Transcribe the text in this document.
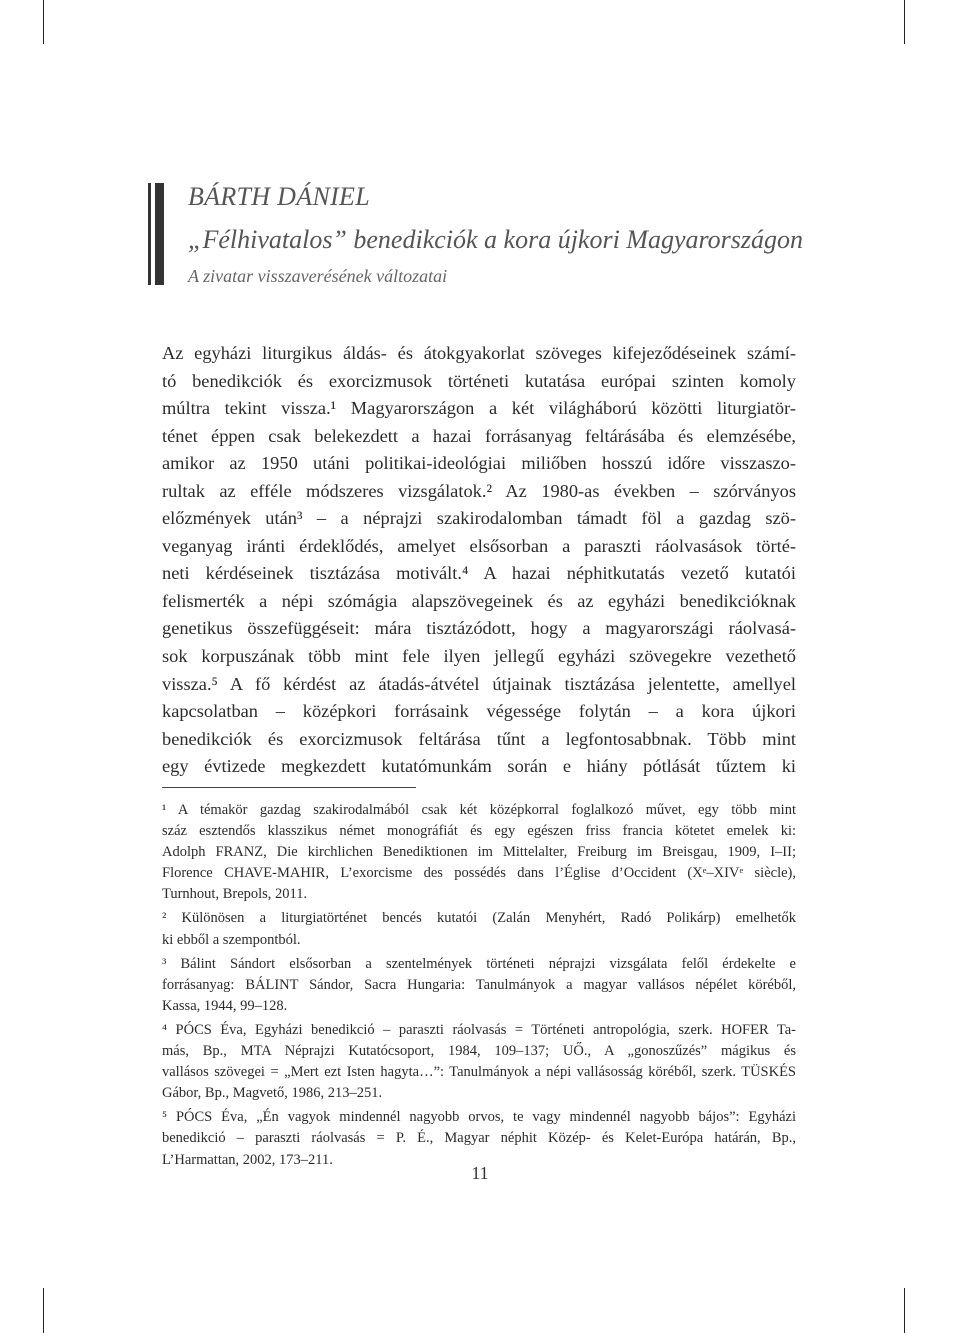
BÁRTH DÁNIEL
„Félhivatalos” benedikciók a kora újkori Magyarországon
A zivatar visszaverésének változatai
Az egyházi liturgikus áldás- és átokgyakorlat szöveges kifejeződéseinek számí-
tó benedikciók és exorcizmusok történeti kutatása európai szinten komoly
múltra tekint vissza.¹ Magyarországon a két világháború közötti liturgiatör-
ténet éppen csak belekezdett a hazai forrásanyag feltárásába és elemzésébe,
amikor az 1950 utáni politikai-ideológiai miliőben hosszú időre visszaszo-
rultak az efféle módszeres vizsgálatok.² Az 1980-as években – szórványos
előzmények után³ – a néprajzi szakirodalomban támadt föl a gazdag szö-
veganyag iránti érdeklődés, amelyet elsősorban a paraszti ráolvasások törté-
neti kérdéseinek tisztázása motivált.⁴ A hazai néphitkutatás vezető kutatói
felismerték a népi szómágia alapszövegeinek és az egyházi benedikcióknak
genetikus összefüggéseit: mára tisztázódott, hogy a magyarországi ráolvasá-
sok korpuszának több mint fele ilyen jellegű egyházi szövegekre vezethető
vissza.⁵ A fő kérdést az átadás-átvétel útjainak tisztázása jelentette, amellyel
kapcsolatban – középkori forrásaink végessége folytán – a kora újkori
benedikciók és exorcizmusok feltárása tűnt a legfontosabbnak. Több mint
egy évtizede megkezdett kutatómunkám során e hiány pótlását tűztem ki
¹ A témakör gazdag szakirodalmából csak két középkorral foglalkozó művet, egy több mint
száz esztendős klasszikus német monográfiát és egy egészen friss francia kötetet emelek ki:
Adolph FRANZ, Die kirchlichen Benediktionen im Mittelalter, Freiburg im Breisgau, 1909, I–II;
Florence CHAVE-MAHIR, L’exorcisme des possédés dans l’Église d’Occident (Xᵉ–XIVᵉ siècle),
Turnhout, Brepols, 2011.
² Különösen a liturgiatörténet bencés kutatói (Zalán Menyhért, Radó Polikárp) emelhetők
ki ebből a szempontból.
³ Bálint Sándort elsősorban a szentelmények történeti néprajzi vizsgálata felől érdekelte e
forrásanyag: BÁLINT Sándor, Sacra Hungaria: Tanulmányok a magyar vallásos népélet köréből,
Kassa, 1944, 99–128.
⁴ PÓCS Éva, Egyházi benedikció – paraszti ráolvasás = Történeti antropológia, szerk. HOFER Ta-
más, Bp., MTA Néprajzi Kutatócsoport, 1984, 109–137; UŐ., A „gonoszűzés” mágikus és
vallásos szövegei = „Mert ezt Isten hagyta…”: Tanulmányok a népi vallásosság köréből, szerk. TÜSKÉS
Gábor, Bp., Magvető, 1986, 213–251.
⁵ PÓCS Éva, „Én vagyok mindennél nagyobb orvos, te vagy mindennél nagyobb bájos”: Egyházi
benedikció – paraszti ráolvasás = P. É., Magyar néphit Közép- és Kelet-Európa határán, Bp.,
L’Harmattan, 2002, 173–211.
11
